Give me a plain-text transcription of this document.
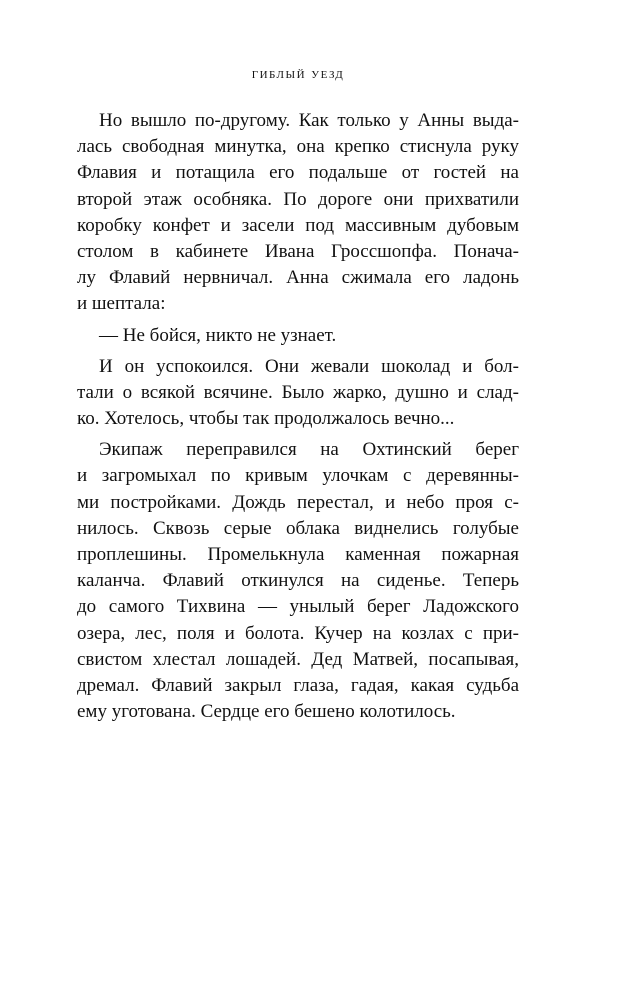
гиблый уезд
Но вышло по-другому. Как только у Анны выда-
лась свободная минутка, она крепко стиснула руку
Флавия и потащила его подальше от гостей на
второй этаж особняка. По дороге они прихватили
коробку конфет и засели под массивным дубовым
столом в кабинете Ивана Гроссшопфа. Понача-
лу Флавий нервничал. Анна сжимала его ладонь
и шептала:
— Не бойся, никто не узнает.
И он успокоился. Они жевали шоколад и бол-
тали о всякой всячине. Было жарко, душно и слад-
ко. Хотелось, чтобы так продолжалось вечно...
Экипаж переправился на Охтинский берег
и загромыхал по кривым улочкам с деревянны-
ми постройками. Дождь перестал, и небо проя с-
нилось. Сквозь серые облака виднелись голубые
проплешины. Промелькнула каменная пожарная
каланча. Флавий откинулся на сиденье. Теперь
до самого Тихвина — унылый берег Ладожского
озера, лес, поля и болота. Кучер на козлах с при-
свистом хлестал лошадей. Дед Матвей, посапывая,
дремал. Флавий закрыл глаза, гадая, какая судьба
ему уготована. Сердце его бешено колотилось.
